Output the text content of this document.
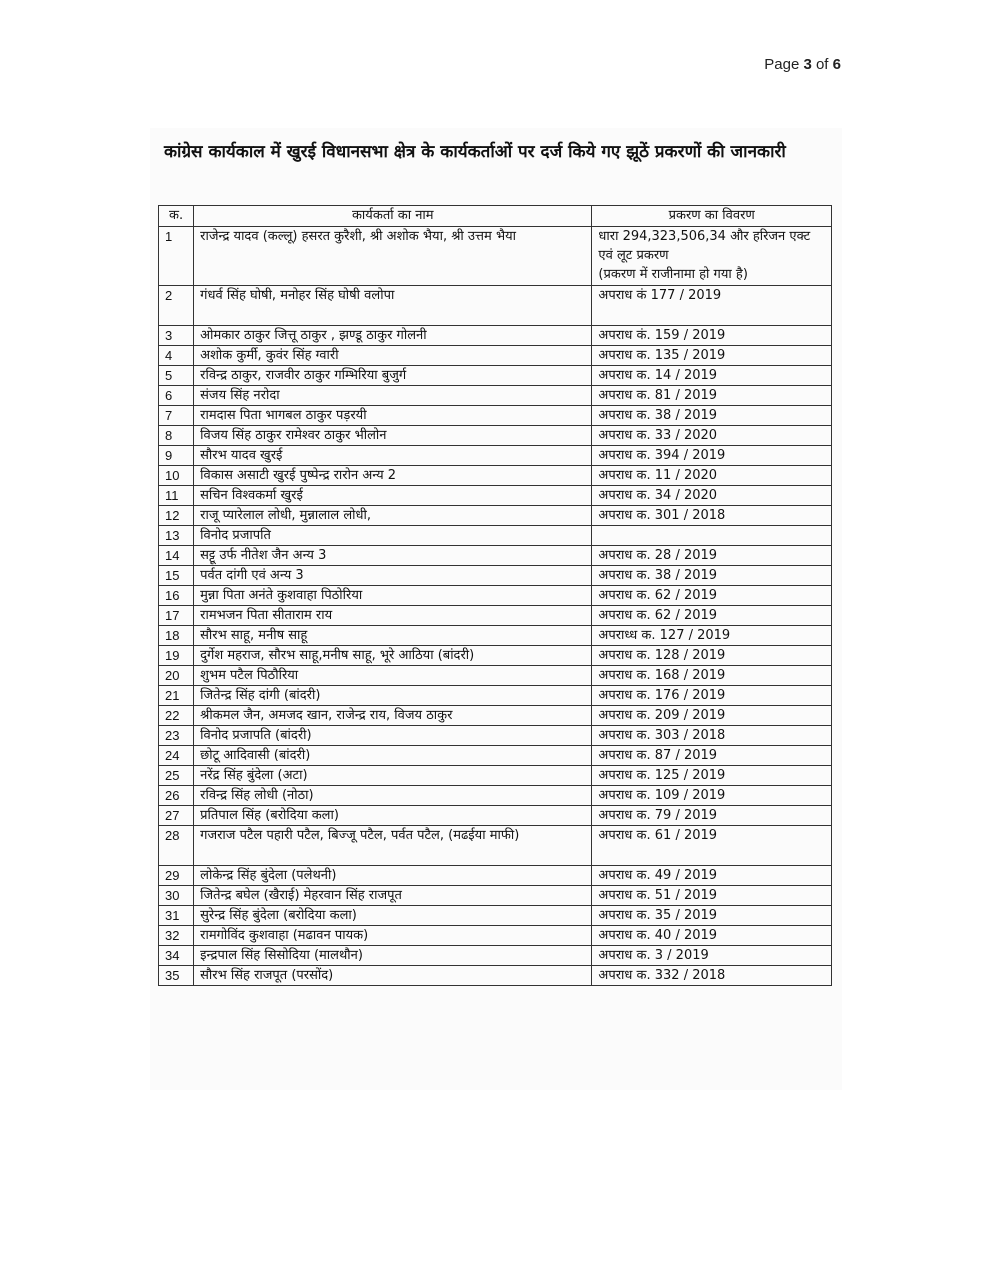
Page 3 of 6
कांग्रेस कार्यकाल में खुरई विधानसभा क्षेत्र के कार्यकर्ताओं पर दर्ज किये गए झूठें प्रकरणों की जानकारी
क.	कार्यकर्ता का नाम	प्रकरण का विवरण
1	राजेन्द्र यादव (कल्लू) हसरत कुरैशी, श्री अशोक भैया, श्री उत्तम भैया	धारा 294,323,506,34 और हरिजन एक्ट एवं लूट प्रकरण
(प्रकरण में राजीनामा हो गया है)
2	गंधर्व सिंह घोषी, मनोहर सिंह घोषी वलोपा	अपराध कं 177 / 2019
3	ओमकार ठाकुर जित्तू ठाकुर , झण्डू ठाकुर गोलनी	अपराध कं. 159 / 2019
4	अशोक कुर्मी, कुवंर सिंह ग्वारी	अपराध क. 135 / 2019
5	रविन्द्र ठाकुर, राजवीर ठाकुर गम्भिरिया बुजुर्ग	अपराध क. 14 / 2019
6	संजय सिंह नरोदा	अपराध क. 81 / 2019
7	रामदास पिता भागबल ठाकुर पड़रयी	अपराध क. 38 / 2019
8	विजय सिंह ठाकुर रामेश्वर ठाकुर भीलोन	अपराध क. 33 / 2020
9	सौरभ यादव खुरई	अपराध क. 394 / 2019
10	विकास असाटी खुरई पुष्पेन्द्र रारोन अन्य 2	अपराध क. 11 / 2020
11	सचिन विश्वकर्मा खुरई	अपराध क. 34 / 2020
12	राजू प्यारेलाल लोधी, मुन्नालाल लोधी,	अपराध क. 301 / 2018
13	विनोद प्रजापति	
14	सट्टू उर्फ नीतेश जैन अन्य 3	अपराध क. 28 / 2019
15	पर्वत दांगी एवं अन्य 3	अपराध क. 38 / 2019
16	मुन्ना पिता अनंते कुशवाहा पिठोरिया	अपराध क. 62 / 2019
17	रामभजन पिता सीताराम राय	अपराध क. 62 / 2019
18	सौरभ साहू, मनीष साहू	अपराध्ध क. 127 / 2019
19	दुर्गेश महराज, सौरभ साहू,मनीष साहू, भूरे आठिया (बांदरी)	अपराध क. 128 / 2019
20	शुभम पटैल पिठौरिया	अपराध क. 168 / 2019
21	जितेन्द्र सिंह दांगी (बांदरी)	अपराध क. 176 / 2019
22	श्रीकमल जैन, अमजद खान, राजेन्द्र राय, विजय ठाकुर	अपराध क. 209 / 2019
23	विनोद प्रजापति (बांदरी)	अपराध क. 303 / 2018
24	छोटू आदिवासी (बांदरी)	अपराध क. 87 / 2019
25	नरेंद्र सिंह बुंदेला (अटा)	अपराध क. 125 / 2019
26	रविन्द्र सिंह लोधी (नोठा)	अपराध क. 109 / 2019
27	प्रतिपाल सिंह (बरोदिया कला)	अपराध क. 79 / 2019
28	गजराज पटैल पहारी पटैल, बिज्जू पटैल, पर्वत पटैल, (मढईया माफी)	अपराध क. 61 / 2019
29	लोकेन्द्र सिंह बुंदेला (पलेथनी)	अपराध क. 49 / 2019
30	जितेन्द्र बघेल (खैराई) मेहरवान सिंह राजपूत	अपराध क. 51 / 2019
31	सुरेन्द्र सिंह बुंदेला (बरोदिया कला)	अपराध क. 35 / 2019
32	रामगोविंद कुशवाहा (मढावन पायक)	अपराध क. 40 / 2019
34	इन्द्रपाल सिंह सिसोदिया (मालथौन)	अपराध क. 3 / 2019
35	सौरभ सिंह राजपूत (परसोंद)	अपराध क. 332 / 2018
